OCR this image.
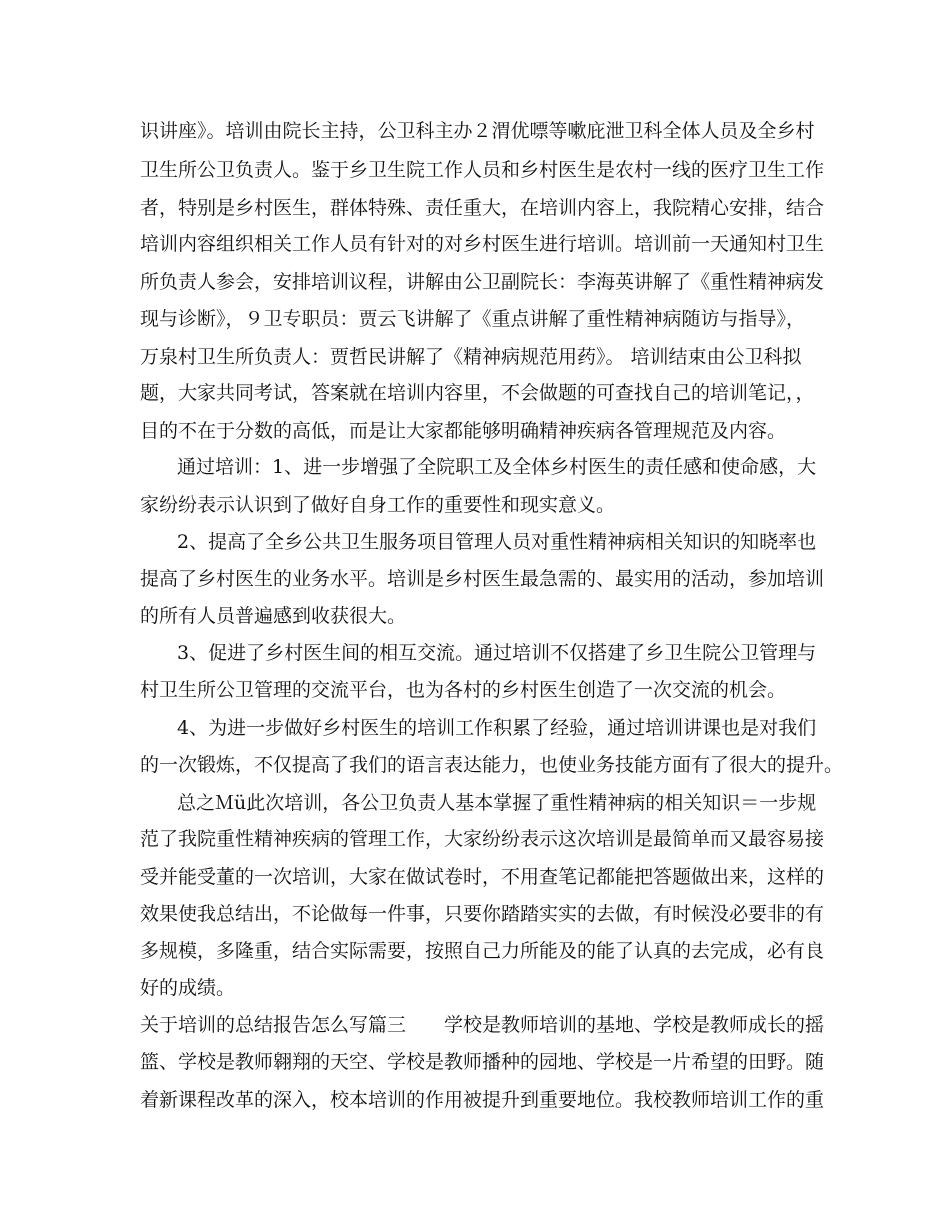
识讲座》。培训由院长主持，公卫科主办２渭优嘌等嗽庇泄卫科全体人员及全乡村
卫生所公卫负责人。鉴于乡卫生院工作人员和乡村医生是农村一线的医疗卫生工作
者，特别是乡村医生，群体特殊、责任重大，在培训内容上，我院精心安排，结合
培训内容组织相关工作人员有针对的对乡村医生进行培训。培训前一天通知村卫生
所负责人参会，安排培训议程，讲解由公卫副院长：李海英讲解了《重性精神病发
现与诊断》，９卫专职员：贾云飞讲解了《重点讲解了重性精神病随访与指导》，
万泉村卫生所负责人：贾哲民讲解了《精神病规范用药》。 培训结束由公卫科拟
题，大家共同考试，答案就在培训内容里，不会做题的可查找自己的培训笔记，，
目的不在于分数的高低，而是让大家都能够明确精神疾病各管理规范及内容。
通过培训：1、进一步增强了全院职工及全体乡村医生的责任感和使命感，大
家纷纷表示认识到了做好自身工作的重要性和现实意义。
2、提高了全乡公共卫生服务项目管理人员对重性精神病相关知识的知晓率也
提高了乡村医生的业务水平。培训是乡村医生最急需的、最实用的活动，参加培训
的所有人员普遍感到收获很大。
3、促进了乡村医生间的相互交流。通过培训不仅搭建了乡卫生院公卫管理与
村卫生所公卫管理的交流平台，也为各村的乡村医生创造了一次交流的机会。
4、为进一步做好乡村医生的培训工作积累了经验，通过培训讲课也是对我们
的一次锻炼，不仅提高了我们的语言表达能力，也使业务技能方面有了很大的提升。
总之Ｍü此次培训，各公卫负责人基本掌握了重性精神病的相关知识＝一步规
范了我院重性精神疾病的管理工作，大家纷纷表示这次培训是最简单而又最容易接
受并能受董的一次培训，大家在做试卷时，不用查笔记都能把答题做出来，这样的
效果使我总结出，不论做每一件事，只要你踏踏实实的去做，有时候没必要非的有
多规模，多隆重，结合实际需要，按照自己力所能及的能了认真的去完成，必有良
好的成绩。
关于培训的总结报告怎么写篇三　　学校是教师培训的基地、学校是教师成长的摇
篮、学校是教师翱翔的天空、学校是教师播种的园地、学校是一片希望的田野。随
着新课程改革的深入，校本培训的作用被提升到重要地位。我校教师培训工作的重
